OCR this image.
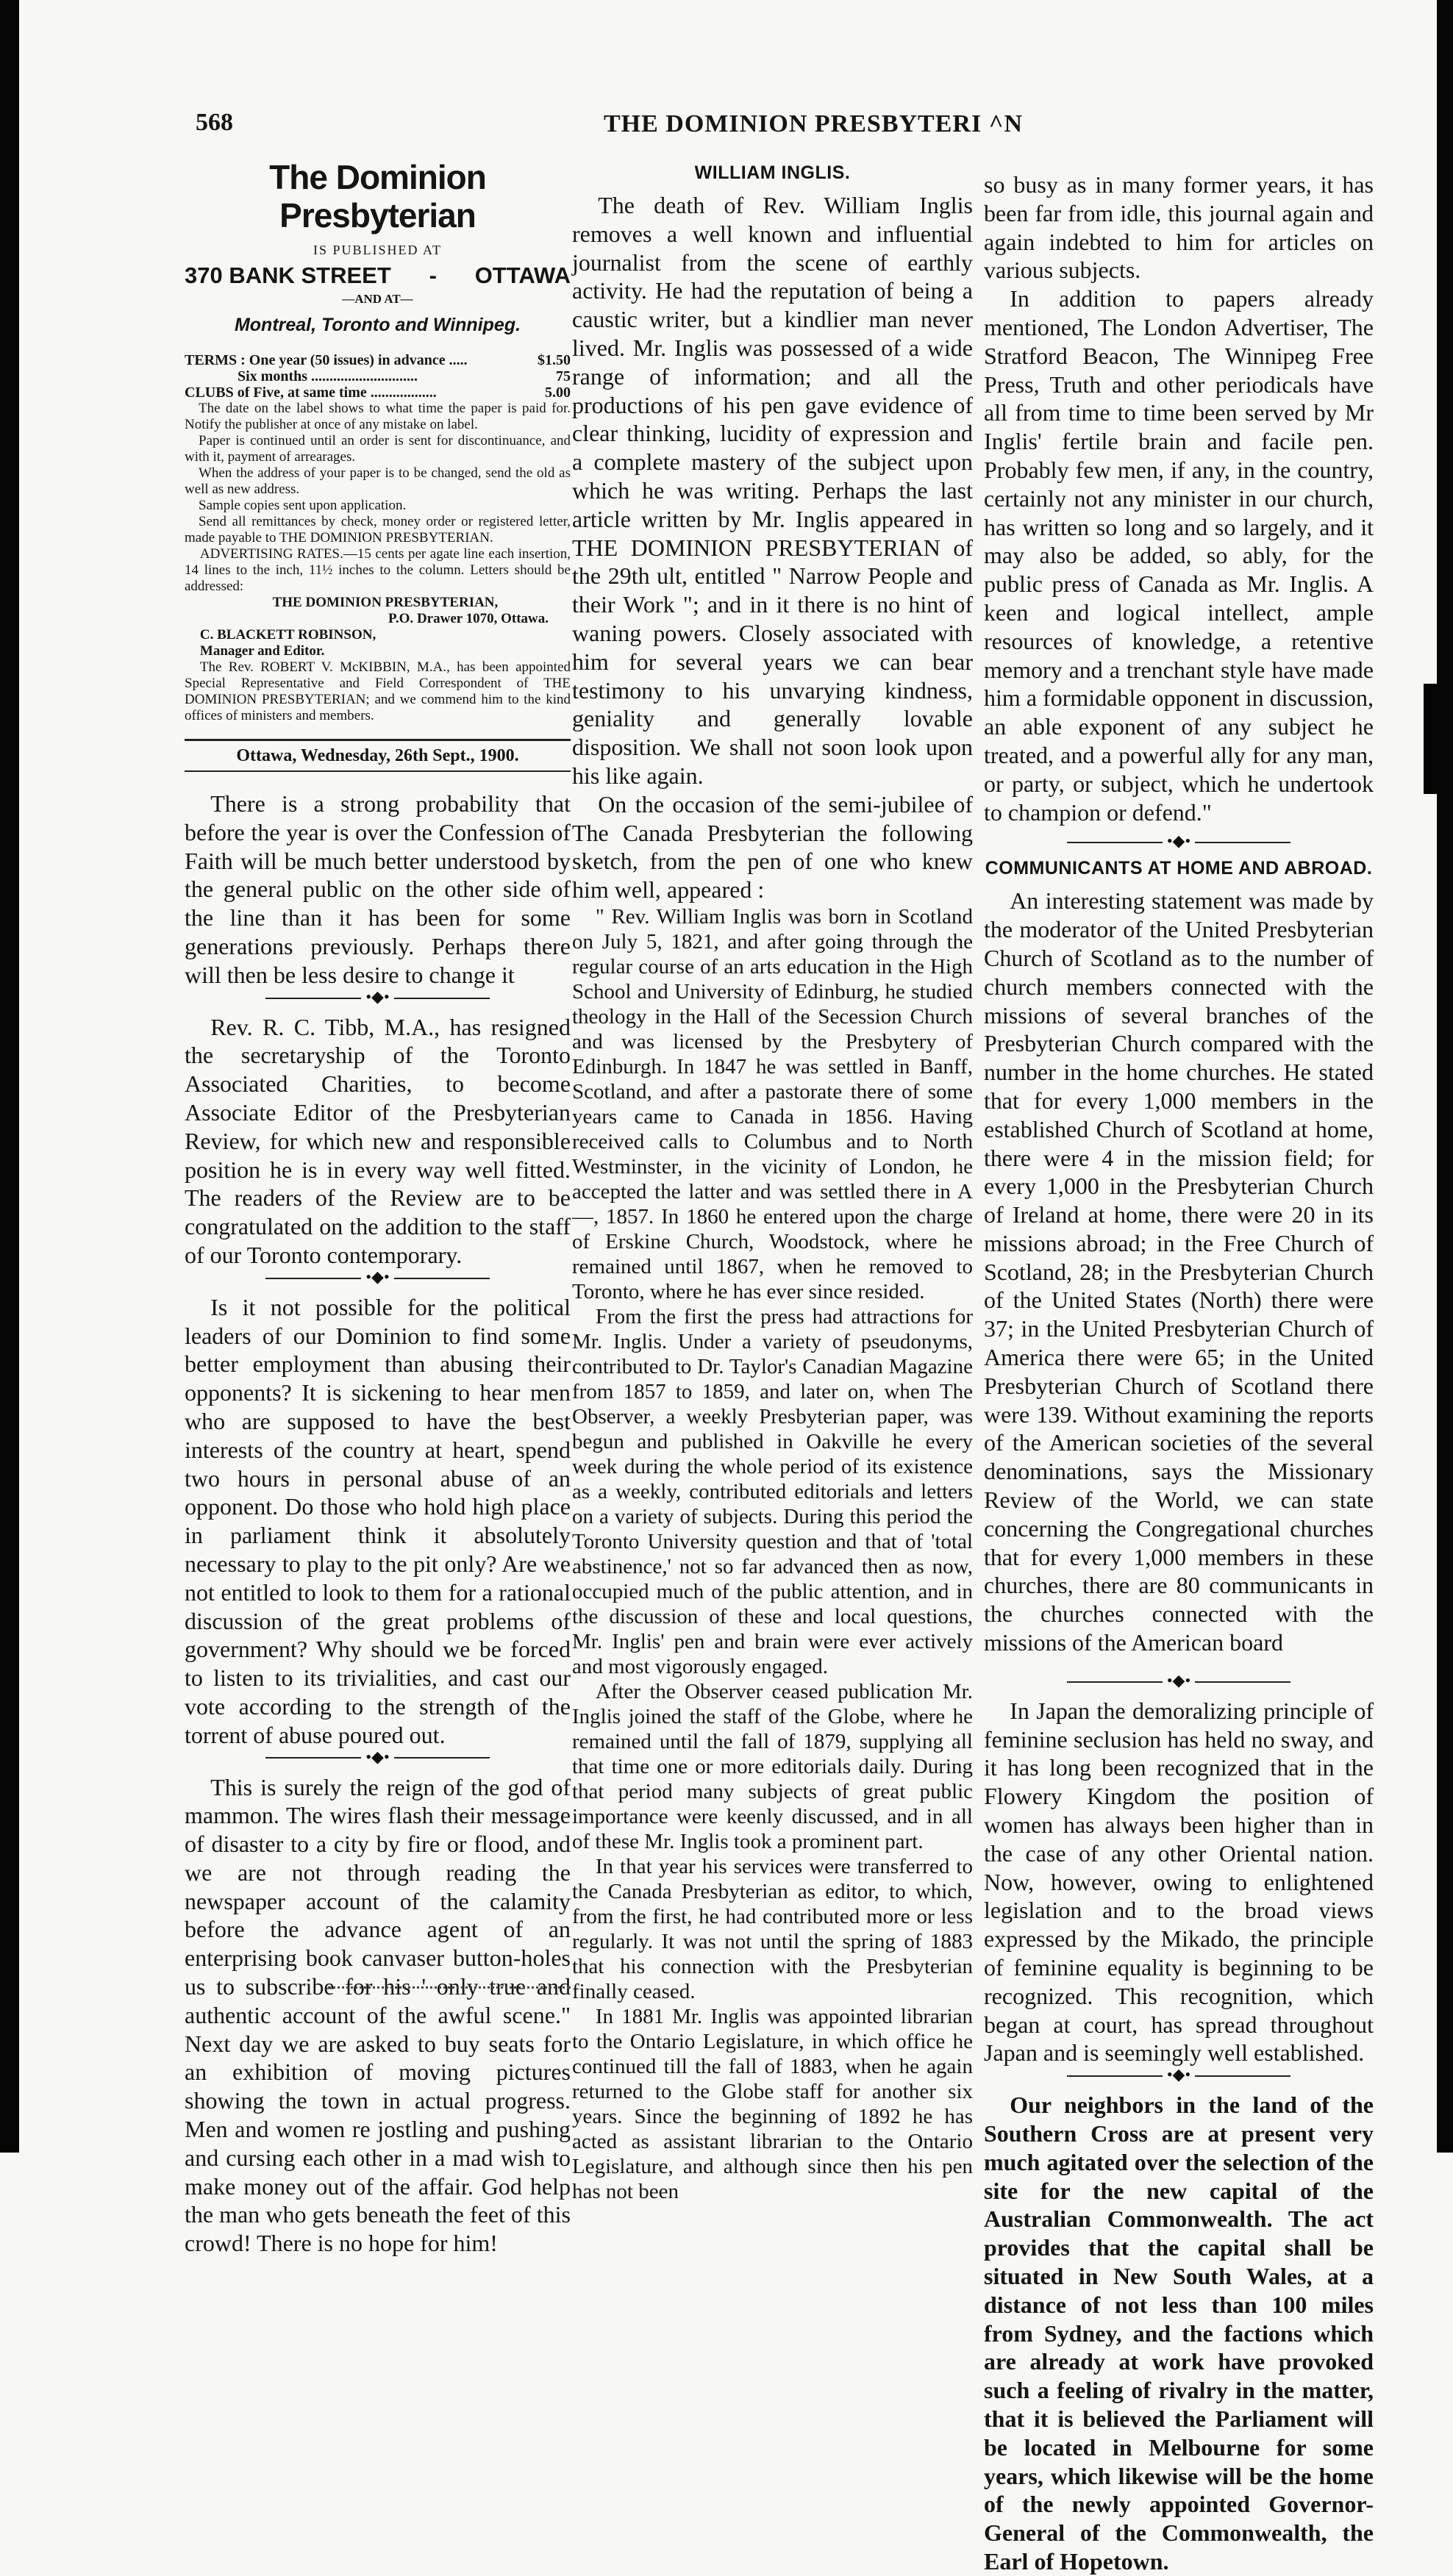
568	THE DOMINION PRESBYTERI ^N
The Dominion Presbyterian
IS PUBLISHED AT
370 BANK STREET - OTTAWA
—AND AT—
Montreal, Toronto and Winnipeg.
TERMS : One year (50 issues) in advance .....	$1.50
Six months .............................	75
CLUBS of Five, at same time ..................	5.00

The date on the label shows to what time the paper is paid for. Notify the publisher at once of any mistake on label.

Paper is continued until an order is sent for discontinuance, and with it, payment of arrearages.

When the address of your paper is to be changed, send the old as well as new address.

Sample copies sent upon application.

Send all remittances by check, money order or registered letter, made payable to THE DOMINION PRESBYTERIAN.

ADVERTISING RATES.—15 cents per agate line each insertion, 14 lines to the inch, 11½ inches to the column. Letters should be addressed:

THE DOMINION PRESBYTERIAN,

P.O. Drawer 1070, Ottawa.

C. BLACKETT ROBINSON,

Manager and Editor.

The Rev. ROBERT V. McKIBBIN, M.A., has been appointed Special Representative and Field Correspondent of THE DOMINION PRESBYTERIAN; and we commend him to the kind offices of ministers and members.

Ottawa, Wednesday, 26th Sept., 1900.

There is a strong probability that before the year is over the Confession of Faith will be much better understood by the general public on the other side of the line than it has been for some generations previously. Perhaps there will then be less desire to change it

•◆•

Rev. R. C. Tibb, M.A., has resigned the secretaryship of the Toronto Associated Charities, to become Associate Editor of the Presbyterian Review, for which new and responsible position he is in every way well fitted. The readers of the Review are to be congratulated on the addition to the staff of our Toronto contemporary.

•◆•

Is it not possible for the political leaders of our Dominion to find some better employment than abusing their opponents? It is sickening to hear men who are supposed to have the best interests of the country at heart, spend two hours in personal abuse of an opponent. Do those who hold high place in parliament think it absolutely necessary to play to the pit only? Are we not entitled to look to them for a rational discussion of the great problems of government? Why should we be forced to listen to its trivialities, and cast our vote according to the strength of the torrent of abuse poured out.

•◆•

This is surely the reign of the god of mammon. The wires flash their message of disaster to a city by fire or flood, and we are not through reading the newspaper account of the calamity before the advance agent of an enterprising book canvaser button-holes us to subscribe for his ' only true and authentic account of the awful scene." Next day we are asked to buy seats for an exhibition of moving pictures showing the town in actual progress. Men and women re jostling and pushing and cursing each other in a mad wish to make money out of the affair. God help the man who gets beneath the feet of this crowd! There is no hope for him!

WILLIAM INGLIS.

The death of Rev. William Inglis removes a well known and influential journalist from the scene of earthly activity. He had the reputation of being a caustic writer, but a kindlier man never lived. Mr. Inglis was possessed of a wide range of information; and all the productions of his pen gave evidence of clear thinking, lucidity of expression and a complete mastery of the subject upon which he was writing. Perhaps the last article written by Mr. Inglis appeared in THE DOMINION PRESBYTERIAN of the 29th ult, entitled " Narrow People and their Work "; and in it there is no hint of waning powers. Closely associated with him for several years we can bear testimony to his unvarying kindness, geniality and generally lovable disposition. We shall not soon look upon his like again.

On the occasion of the semi-jubilee of The Canada Presbyterian the following sketch, from the pen of one who knew him well, appeared :

" Rev. William Inglis was born in Scotland on July 5, 1821, and after going through the regular course of an arts education in the High School and University of Edinburg, he studied theology in the Hall of the Secession Church and was licensed by the Presbytery of Edinburgh. In 1847 he was settled in Banff, Scotland, and after a pastorate there of some years came to Canada in 1856. Having received calls to Columbus and to North Westminster, in the vicinity of London, he accepted the latter and was settled there in A—, 1857. In 1860 he entered upon the charge of Erskine Church, Woodstock, where he remained until 1867, when he removed to Toronto, where he has ever since resided.

From the first the press had attractions for Mr. Inglis. Under a variety of pseudonyms, contributed to Dr. Taylor's Canadian Magazine from 1857 to 1859, and later on, when The Observer, a weekly Presbyterian paper, was begun and published in Oakville he every week during the whole period of its existence as a weekly, contributed editorials and letters on a variety of subjects. During this period the Toronto University question and that of 'total abstinence,' not so far advanced then as now, occupied much of the public attention, and in the discussion of these and local questions, Mr. Inglis' pen and brain were ever actively and most vigorously engaged.

After the Observer ceased publication Mr. Inglis joined the staff of the Globe, where he remained until the fall of 1879, supplying all that time one or more editorials daily. During that period many subjects of great public importance were keenly discussed, and in all of these Mr. Inglis took a prominent part.

In that year his services were transferred to the Canada Presbyterian as editor, to which, from the first, he had contributed more or less regularly. It was not until the spring of 1883 that his connection with the Presbyterian finally ceased.

In 1881 Mr. Inglis was appointed librarian to the Ontario Legislature, in which office he continued till the fall of 1883, when he again returned to the Globe staff for another six years. Since the beginning of 1892 he has acted as assistant librarian to the Ontario Legislature, and although since then his pen has not been

so busy as in many former years, it has been far from idle, this journal again and again indebted to him for articles on various subjects.

In addition to papers already mentioned, The London Advertiser, The Stratford Beacon, The Winnipeg Free Press, Truth and other periodicals have all from time to time been served by Mr Inglis' fertile brain and facile pen. Probably few men, if any, in the country, certainly not any minister in our church, has written so long and so largely, and it may also be added, so ably, for the public press of Canada as Mr. Inglis. A keen and logical intellect, ample resources of knowledge, a retentive memory and a trenchant style have made him a formidable opponent in discussion, an able exponent of any subject he treated, and a powerful ally for any man, or party, or subject, which he undertook to champion or defend."

•◆•
COMMUNICANTS AT HOME AND ABROAD.

An interesting statement was made by the moderator of the United Presbyterian Church of Scotland as to the number of church members connected with the missions of several branches of the Presbyterian Church compared with the number in the home churches. He stated that for every 1,000 members in the established Church of Scotland at home, there were 4 in the mission field; for every 1,000 in the Presbyterian Church of Ireland at home, there were 20 in its missions abroad; in the Free Church of Scotland, 28; in the Presbyterian Church of the United States (North) there were 37; in the United Presbyterian Church of America there were 65; in the United Presbyterian Church of Scotland there were 139. Without examining the reports of the American societies of the several denominations, says the Missionary Review of the World, we can state concerning the Congregational churches that for every 1,000 members in these churches, there are 80 communicants in the churches connected with the missions of the American board

•◆•

In Japan the demoralizing principle of feminine seclusion has held no sway, and it has long been recognized that in the Flowery Kingdom the position of women has always been higher than in the case of any other Oriental nation. Now, however, owing to enlightened legislation and to the broad views expressed by the Mikado, the principle of feminine equality is beginning to be recognized. This recognition, which began at court, has spread throughout Japan and is seemingly well established.

•◆•

Our neighbors in the land of the Southern Cross are at present very much agitated over the selection of the site for the new capital of the Australian Commonwealth. The act provides that the capital shall be situated in New South Wales, at a distance of not less than 100 miles from Sydney, and the factions which are already at work have provoked such a feeling of rivalry in the matter, that it is believed the Parliament will be located in Melbourne for some years, which likewise will be the home of the newly appointed Governor-General of the Commonwealth, the Earl of Hopetown.
